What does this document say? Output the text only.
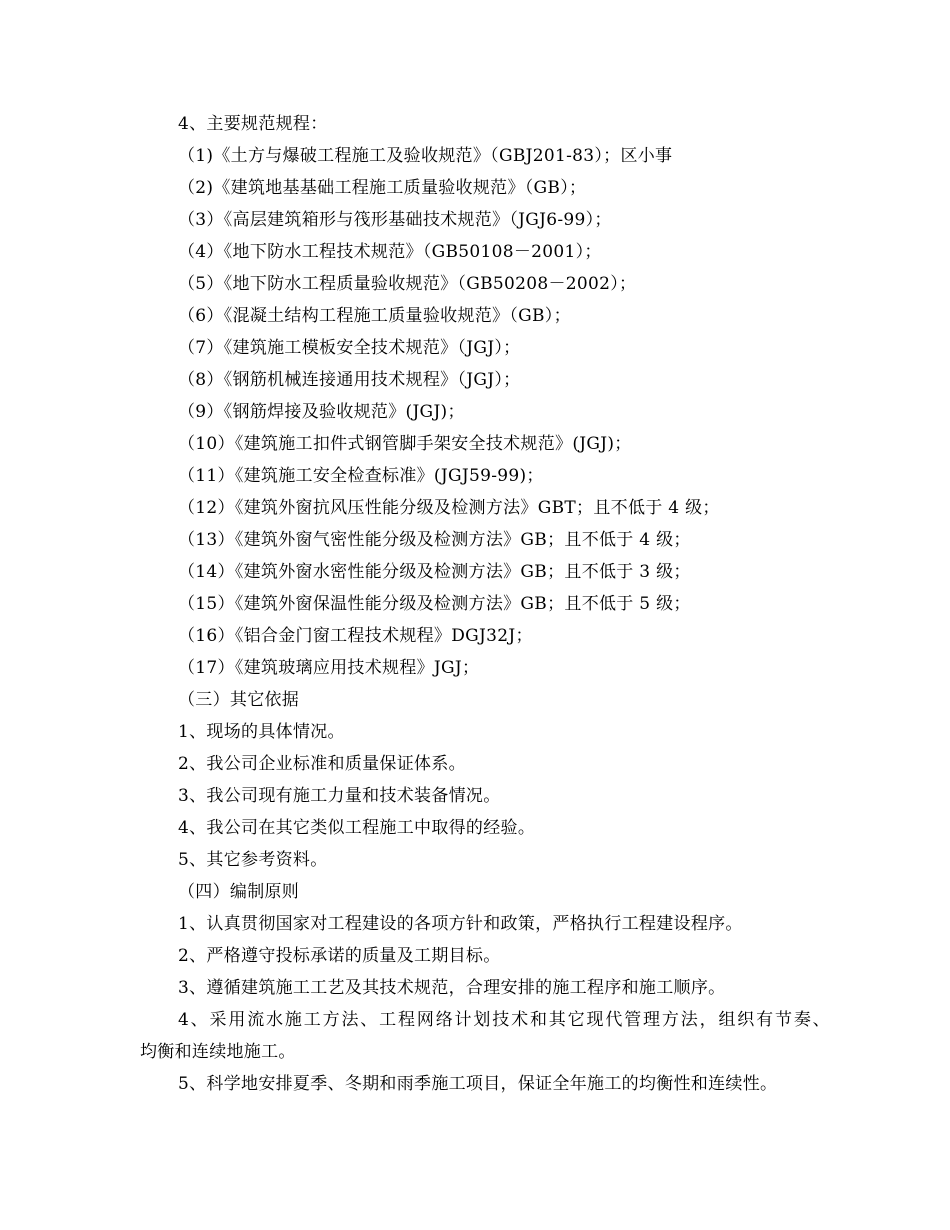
4、主要规范规程：
（1)《土方与爆破工程施工及验收规范》（GBJ201-83）；区小事
（2)《建筑地基基础工程施工质量验收规范》（GB）；
（3）《高层建筑箱形与筏形基础技术规范》（JGJ6-99）；
（4）《地下防水工程技术规范》（GB50108－2001）；
（5）《地下防水工程质量验收规范》（GB50208－2002）；
（6）《混凝土结构工程施工质量验收规范》（GB）；
（7）《建筑施工模板安全技术规范》（JGJ）；
（8）《钢筋机械连接通用技术规程》（JGJ）；
（9）《钢筋焊接及验收规范》(JGJ)；
（10）《建筑施工扣件式钢管脚手架安全技术规范》(JGJ)；
（11）《建筑施工安全检查标准》(JGJ59-99)；
（12）《建筑外窗抗风压性能分级及检测方法》GBT；且不低于 4 级；
（13）《建筑外窗气密性能分级及检测方法》GB；且不低于 4 级；
（14）《建筑外窗水密性能分级及检测方法》GB；且不低于 3 级；
（15）《建筑外窗保温性能分级及检测方法》GB；且不低于 5 级；
（16）《铝合金门窗工程技术规程》DGJ32J；
（17）《建筑玻璃应用技术规程》JGJ；
（三）其它依据
1、现场的具体情况。
2、我公司企业标准和质量保证体系。
3、我公司现有施工力量和技术装备情况。
4、我公司在其它类似工程施工中取得的经验。
5、其它参考资料。
（四）编制原则
1、认真贯彻国家对工程建设的各项方针和政策，严格执行工程建设程序。
2、严格遵守投标承诺的质量及工期目标。
3、遵循建筑施工工艺及其技术规范，合理安排的施工程序和施工顺序。
4、采用流水施工方法、工程网络计划技术和其它现代管理方法，组织有节奏、
均衡和连续地施工。
5、科学地安排夏季、冬期和雨季施工项目，保证全年施工的均衡性和连续性。
